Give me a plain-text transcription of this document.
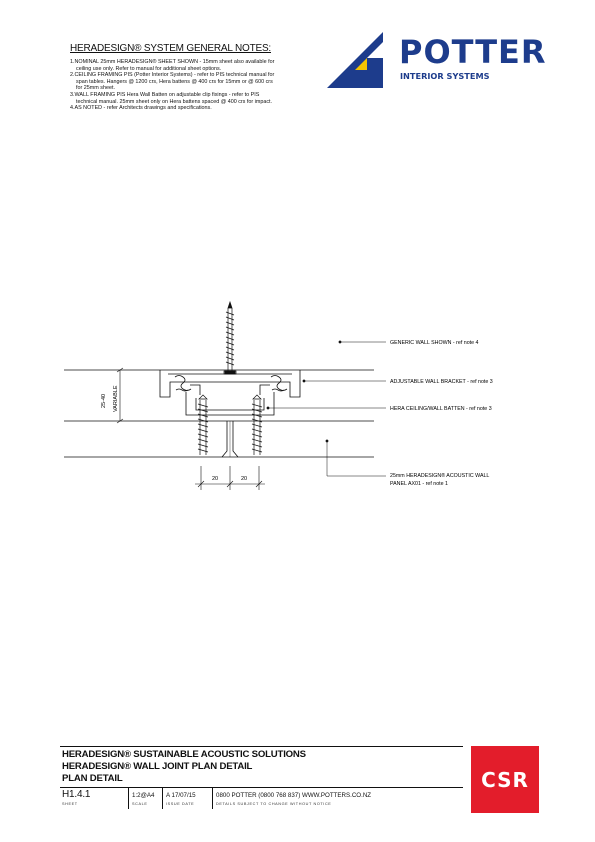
HERADESIGN® SYSTEM GENERAL NOTES:
1.NOMINAL 25mm HERADESIGN® SHEET SHOWN - 15mm sheet also available for
ceiling use only. Refer to manual for additional sheet options.
2.CEILING FRAMING PIS (Potter Interior Systems) - refer to PIS technical manual for
span tables. Hangers @ 1200 crs, Hera battens @ 400 crs for 15mm or @ 600 crs
for 25mm sheet.
3.WALL FRAMING PIS Hera Wall Batten on adjustable clip fixings - refer to PIS
technical manual. 25mm sheet only on Hera battens spaced @ 400 crs for impact.
4.AS NOTED - refer Architects drawings and specifications.
POTTER
INTERIOR SYSTEMS
25-40 VARIABLE
20	20
GENERIC WALL SHOWN - ref note 4
ADJUSTABLE WALL BRACKET - ref note 3
HERA CEILING/WALL BATTEN - ref note 3
25mm HERADESIGN® ACOUSTIC WALL
PANEL AX01 - ref note 1
HERADESIGN® SUSTAINABLE ACOUSTIC SOLUTIONS
HERADESIGN® WALL JOINT PLAN DETAIL
PLAN DETAIL
H1.4.1	1:2@A4 A 17/07/15	0800 POTTER (0800 768 837) WWW.POTTERS.CO.NZ
SHEET	SCALE	ISSUE DATE	DETAILS SUBJECT TO CHANGE WITHOUT NOTICE
CSR
